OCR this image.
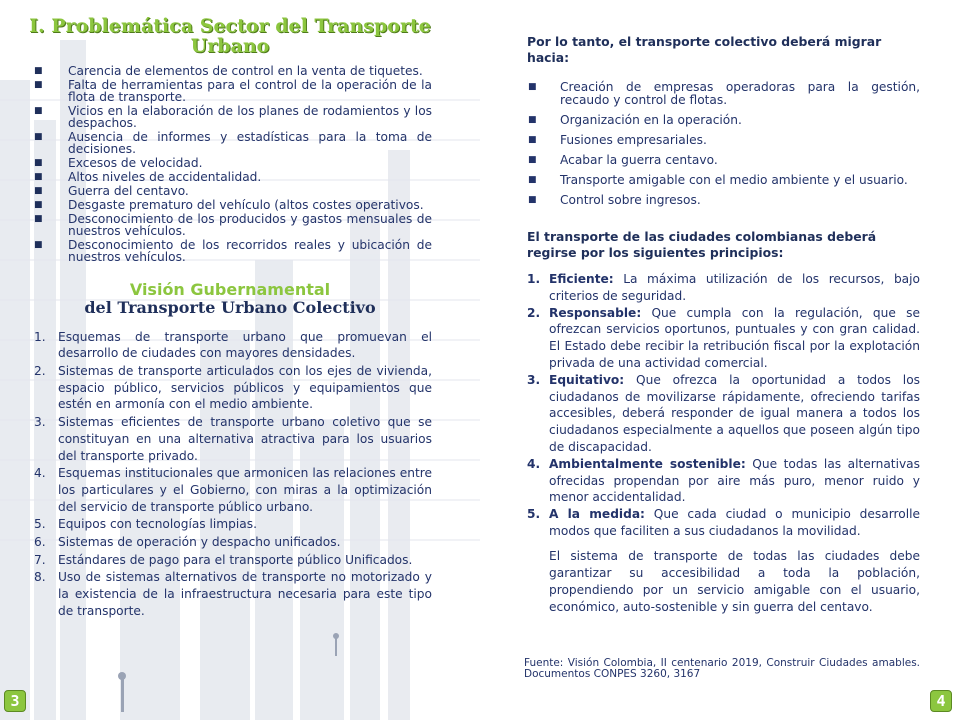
I. Problemática Sector del Transporte Urbano
■ Carencia de elementos de control en la venta de tiquetes.
■ Falta de herramientas para el control de la operación de la flota de transporte.
■ Vicios en la elaboración de los planes de rodamientos y los despachos.
■ Ausencia de informes y estadísticas para la toma de decisiones.
■ Excesos de velocidad.
■ Altos niveles de accidentalidad.
■ Guerra del centavo.
■ Desgaste prematuro del vehículo (altos costes operativos.
■ Desconocimiento de los producidos y gastos mensuales de nuestros vehículos.
■ Desconocimiento de los recorridos reales y ubicación de nuestros vehículos.
Visión Gubernamental
del Transporte Urbano Colectivo
1. Esquemas de transporte urbano que promuevan el desarrollo de ciudades con mayores densidades.
2. Sistemas de transporte articulados con los ejes de vivienda, espacio público, servicios públicos y equipamientos que estén en armonía con el medio ambiente.
3. Sistemas eficientes de transporte urbano coletivo que se constituyan en una alternativa atractiva para los usuarios del transporte privado.
4. Esquemas institucionales que armonicen las relaciones entre los particulares y el Gobierno, con miras a la optimización del servicio de transporte público urbano.
5. Equipos con tecnologías limpias.
6. Sistemas de operación y despacho unificados.
7. Estándares de pago para el transporte público Unificados.
8. Uso de sistemas alternativos de transporte no motorizado y la existencia de la infraestructura necesaria para este tipo de transporte.
Por lo tanto, el transporte colectivo deberá migrar hacia:
■ Creación de empresas operadoras para la gestión, recaudo y control de flotas.
■ Organización en la operación.
■ Fusiones empresariales.
■ Acabar la guerra centavo.
■ Transporte amigable con el medio ambiente y el usuario.
■ Control sobre ingresos.
El transporte de las ciudades colombianas deberá regirse por los siguientes principios:
1. Eficiente: La máxima utilización de los recursos, bajo criterios de seguridad.
2. Responsable: Que cumpla con la regulación, que se ofrezcan servicios oportunos, puntuales y con gran calidad. El Estado debe recibir la retribución fiscal por la explotación privada de una actividad comercial.
3. Equitativo: Que ofrezca la oportunidad a todos los ciudadanos de movilizarse rápidamente, ofreciendo tarifas accesibles, deberá responder de igual manera a todos los ciudadanos especialmente a aquellos que poseen algún tipo de discapacidad.
4. Ambientalmente sostenible: Que todas las alternativas ofrecidas propendan por aire más puro, menor ruido y menor accidentalidad.
5. A la medida: Que cada ciudad o municipio desarrolle modos que faciliten a sus ciudadanos la movilidad.
El sistema de transporte de todas las ciudades debe garantizar su accesibilidad a toda la población, propendiendo por un servicio amigable con el usuario, económico, auto-sostenible y sin guerra del centavo.
Fuente: Visión Colombia, II centenario 2019, Construir Ciudades amables. Documentos CONPES 3260, 3167
3	4
